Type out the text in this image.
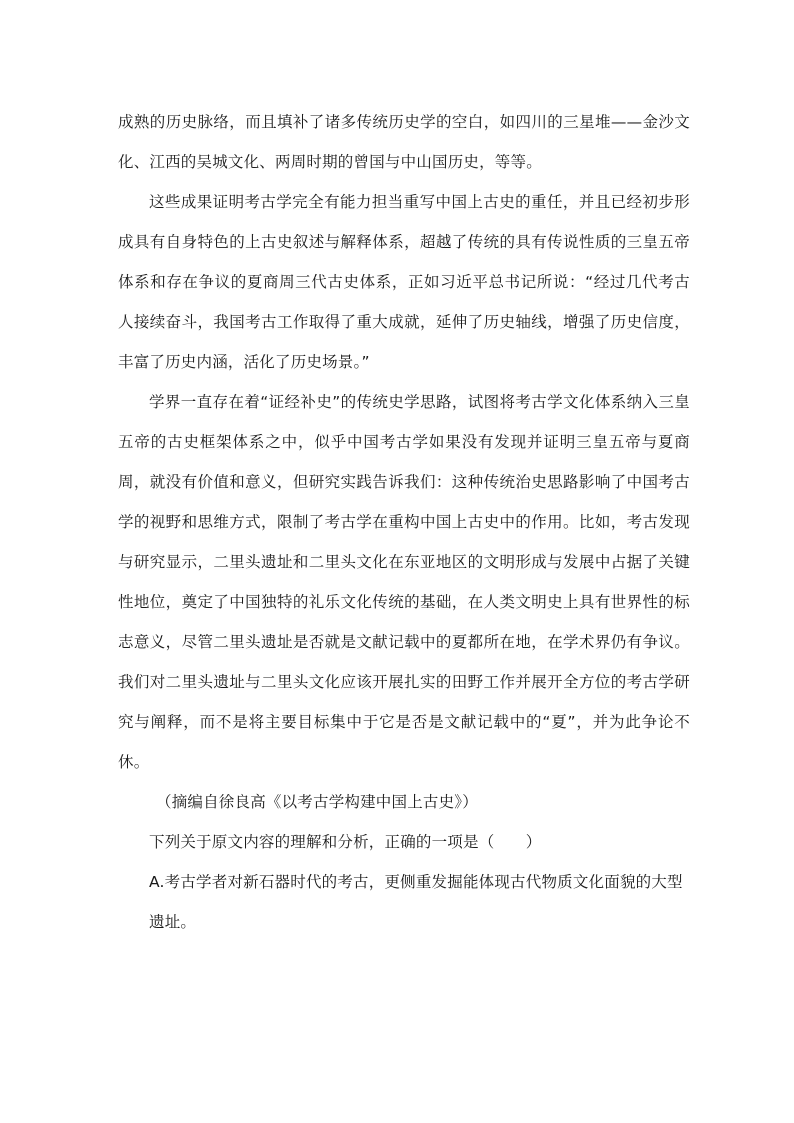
成熟的历史脉络，而且填补了诸多传统历史学的空白，如四川的三星堆——金沙文化、江西的吴城文化、两周时期的曾国与中山国历史，等等。

这些成果证明考古学完全有能力担当重写中国上古史的重任，并且已经初步形成具有自身特色的上古史叙述与解释体系，超越了传统的具有传说性质的三皇五帝体系和存在争议的夏商周三代古史体系，正如习近平总书记所说：“经过几代考古人接续奋斗，我国考古工作取得了重大成就，延伸了历史轴线，增强了历史信度，丰富了历史内涵，活化了历史场景。”

学界一直存在着“证经补史”的传统史学思路，试图将考古学文化体系纳入三皇五帝的古史框架体系之中，似乎中国考古学如果没有发现并证明三皇五帝与夏商周，就没有价值和意义，但研究实践告诉我们：这种传统治史思路影响了中国考古学的视野和思维方式，限制了考古学在重构中国上古史中的作用。比如，考古发现与研究显示，二里头遗址和二里头文化在东亚地区的文明形成与发展中占据了关键性地位，奠定了中国独特的礼乐文化传统的基础，在人类文明史上具有世界性的标志意义，尽管二里头遗址是否就是文献记载中的夏都所在地，在学术界仍有争议。我们对二里头遗址与二里头文化应该开展扎实的田野工作并展开全方位的考古学研究与阐释，而不是将主要目标集中于它是否是文献记载中的“夏”，并为此争论不休。

（摘编自徐良高《以考古学构建中国上古史》）

下列关于原文内容的理解和分析，正确的一项是（　　）

A.考古学者对新石器时代的考古，更侧重发掘能体现古代物质文化面貌的大型遗址。
